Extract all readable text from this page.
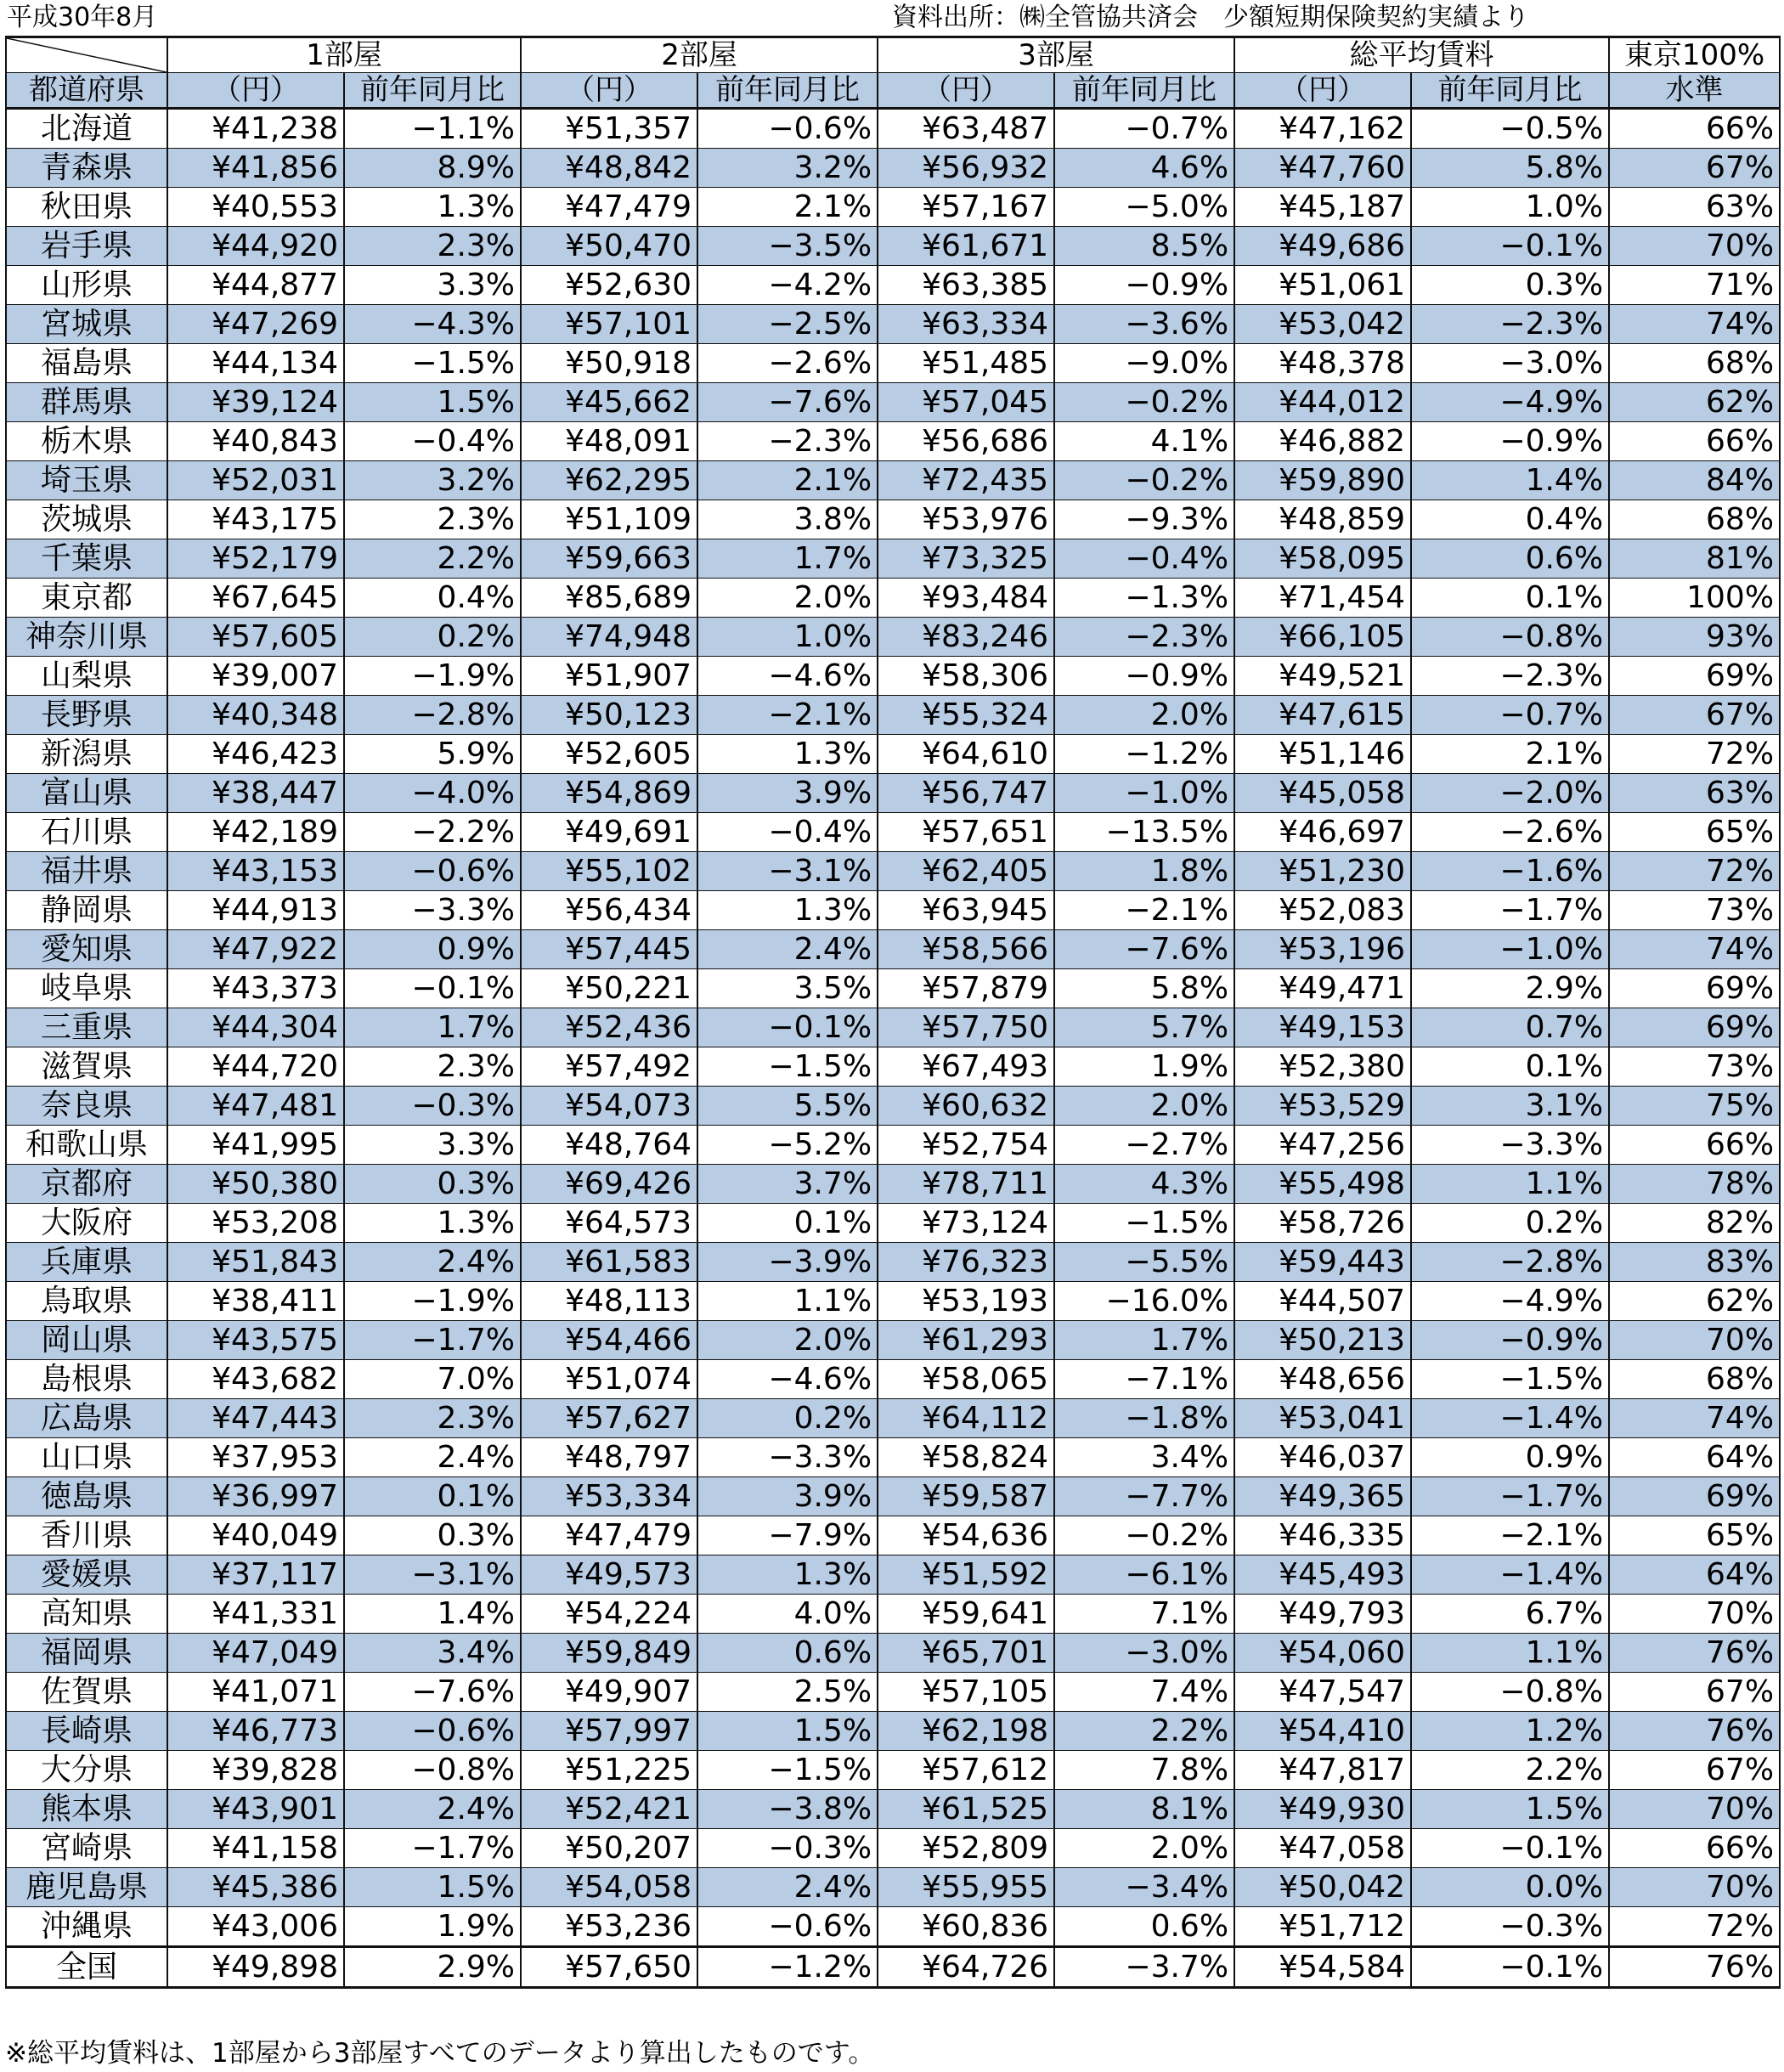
平成30年8月	資料出所：㈱全管協共済会　少額短期保険契約実績より
	1部屋		2部屋		3部屋		総平均賃料		東京100%
都道府県	（円）	前年同月比	（円）	前年同月比	（円）	前年同月比	（円）	前年同月比	水準
北海道	¥41,238	−1.1%	¥51,357	−0.6%	¥63,487	−0.7%	¥47,162	−0.5%	66%
青森県	¥41,856	8.9%	¥48,842	3.2%	¥56,932	4.6%	¥47,760	5.8%	67%
秋田県	¥40,553	1.3%	¥47,479	2.1%	¥57,167	−5.0%	¥45,187	1.0%	63%
岩手県	¥44,920	2.3%	¥50,470	−3.5%	¥61,671	8.5%	¥49,686	−0.1%	70%
山形県	¥44,877	3.3%	¥52,630	−4.2%	¥63,385	−0.9%	¥51,061	0.3%	71%
宮城県	¥47,269	−4.3%	¥57,101	−2.5%	¥63,334	−3.6%	¥53,042	−2.3%	74%
福島県	¥44,134	−1.5%	¥50,918	−2.6%	¥51,485	−9.0%	¥48,378	−3.0%	68%
群馬県	¥39,124	1.5%	¥45,662	−7.6%	¥57,045	−0.2%	¥44,012	−4.9%	62%
栃木県	¥40,843	−0.4%	¥48,091	−2.3%	¥56,686	4.1%	¥46,882	−0.9%	66%
埼玉県	¥52,031	3.2%	¥62,295	2.1%	¥72,435	−0.2%	¥59,890	1.4%	84%
茨城県	¥43,175	2.3%	¥51,109	3.8%	¥53,976	−9.3%	¥48,859	0.4%	68%
千葉県	¥52,179	2.2%	¥59,663	1.7%	¥73,325	−0.4%	¥58,095	0.6%	81%
東京都	¥67,645	0.4%	¥85,689	2.0%	¥93,484	−1.3%	¥71,454	0.1%	100%
神奈川県	¥57,605	0.2%	¥74,948	1.0%	¥83,246	−2.3%	¥66,105	−0.8%	93%
山梨県	¥39,007	−1.9%	¥51,907	−4.6%	¥58,306	−0.9%	¥49,521	−2.3%	69%
長野県	¥40,348	−2.8%	¥50,123	−2.1%	¥55,324	2.0%	¥47,615	−0.7%	67%
新潟県	¥46,423	5.9%	¥52,605	1.3%	¥64,610	−1.2%	¥51,146	2.1%	72%
富山県	¥38,447	−4.0%	¥54,869	3.9%	¥56,747	−1.0%	¥45,058	−2.0%	63%
石川県	¥42,189	−2.2%	¥49,691	−0.4%	¥57,651	−13.5%	¥46,697	−2.6%	65%
福井県	¥43,153	−0.6%	¥55,102	−3.1%	¥62,405	1.8%	¥51,230	−1.6%	72%
静岡県	¥44,913	−3.3%	¥56,434	1.3%	¥63,945	−2.1%	¥52,083	−1.7%	73%
愛知県	¥47,922	0.9%	¥57,445	2.4%	¥58,566	−7.6%	¥53,196	−1.0%	74%
岐阜県	¥43,373	−0.1%	¥50,221	3.5%	¥57,879	5.8%	¥49,471	2.9%	69%
三重県	¥44,304	1.7%	¥52,436	−0.1%	¥57,750	5.7%	¥49,153	0.7%	69%
滋賀県	¥44,720	2.3%	¥57,492	−1.5%	¥67,493	1.9%	¥52,380	0.1%	73%
奈良県	¥47,481	−0.3%	¥54,073	5.5%	¥60,632	2.0%	¥53,529	3.1%	75%
和歌山県	¥41,995	3.3%	¥48,764	−5.2%	¥52,754	−2.7%	¥47,256	−3.3%	66%
京都府	¥50,380	0.3%	¥69,426	3.7%	¥78,711	4.3%	¥55,498	1.1%	78%
大阪府	¥53,208	1.3%	¥64,573	0.1%	¥73,124	−1.5%	¥58,726	0.2%	82%
兵庫県	¥51,843	2.4%	¥61,583	−3.9%	¥76,323	−5.5%	¥59,443	−2.8%	83%
鳥取県	¥38,411	−1.9%	¥48,113	1.1%	¥53,193	−16.0%	¥44,507	−4.9%	62%
岡山県	¥43,575	−1.7%	¥54,466	2.0%	¥61,293	1.7%	¥50,213	−0.9%	70%
島根県	¥43,682	7.0%	¥51,074	−4.6%	¥58,065	−7.1%	¥48,656	−1.5%	68%
広島県	¥47,443	2.3%	¥57,627	0.2%	¥64,112	−1.8%	¥53,041	−1.4%	74%
山口県	¥37,953	2.4%	¥48,797	−3.3%	¥58,824	3.4%	¥46,037	0.9%	64%
徳島県	¥36,997	0.1%	¥53,334	3.9%	¥59,587	−7.7%	¥49,365	−1.7%	69%
香川県	¥40,049	0.3%	¥47,479	−7.9%	¥54,636	−0.2%	¥46,335	−2.1%	65%
愛媛県	¥37,117	−3.1%	¥49,573	1.3%	¥51,592	−6.1%	¥45,493	−1.4%	64%
高知県	¥41,331	1.4%	¥54,224	4.0%	¥59,641	7.1%	¥49,793	6.7%	70%
福岡県	¥47,049	3.4%	¥59,849	0.6%	¥65,701	−3.0%	¥54,060	1.1%	76%
佐賀県	¥41,071	−7.6%	¥49,907	2.5%	¥57,105	7.4%	¥47,547	−0.8%	67%
長崎県	¥46,773	−0.6%	¥57,997	1.5%	¥62,198	2.2%	¥54,410	1.2%	76%
大分県	¥39,828	−0.8%	¥51,225	−1.5%	¥57,612	7.8%	¥47,817	2.2%	67%
熊本県	¥43,901	2.4%	¥52,421	−3.8%	¥61,525	8.1%	¥49,930	1.5%	70%
宮崎県	¥41,158	−1.7%	¥50,207	−0.3%	¥52,809	2.0%	¥47,058	−0.1%	66%
鹿児島県	¥45,386	1.5%	¥54,058	2.4%	¥55,955	−3.4%	¥50,042	0.0%	70%
沖縄県	¥43,006	1.9%	¥53,236	−0.6%	¥60,836	0.6%	¥51,712	−0.3%	72%
全国	¥49,898	2.9%	¥57,650	−1.2%	¥64,726	−3.7%	¥54,584	−0.1%	76%
※総平均賃料は、1部屋から3部屋すべてのデータより算出したものです。
